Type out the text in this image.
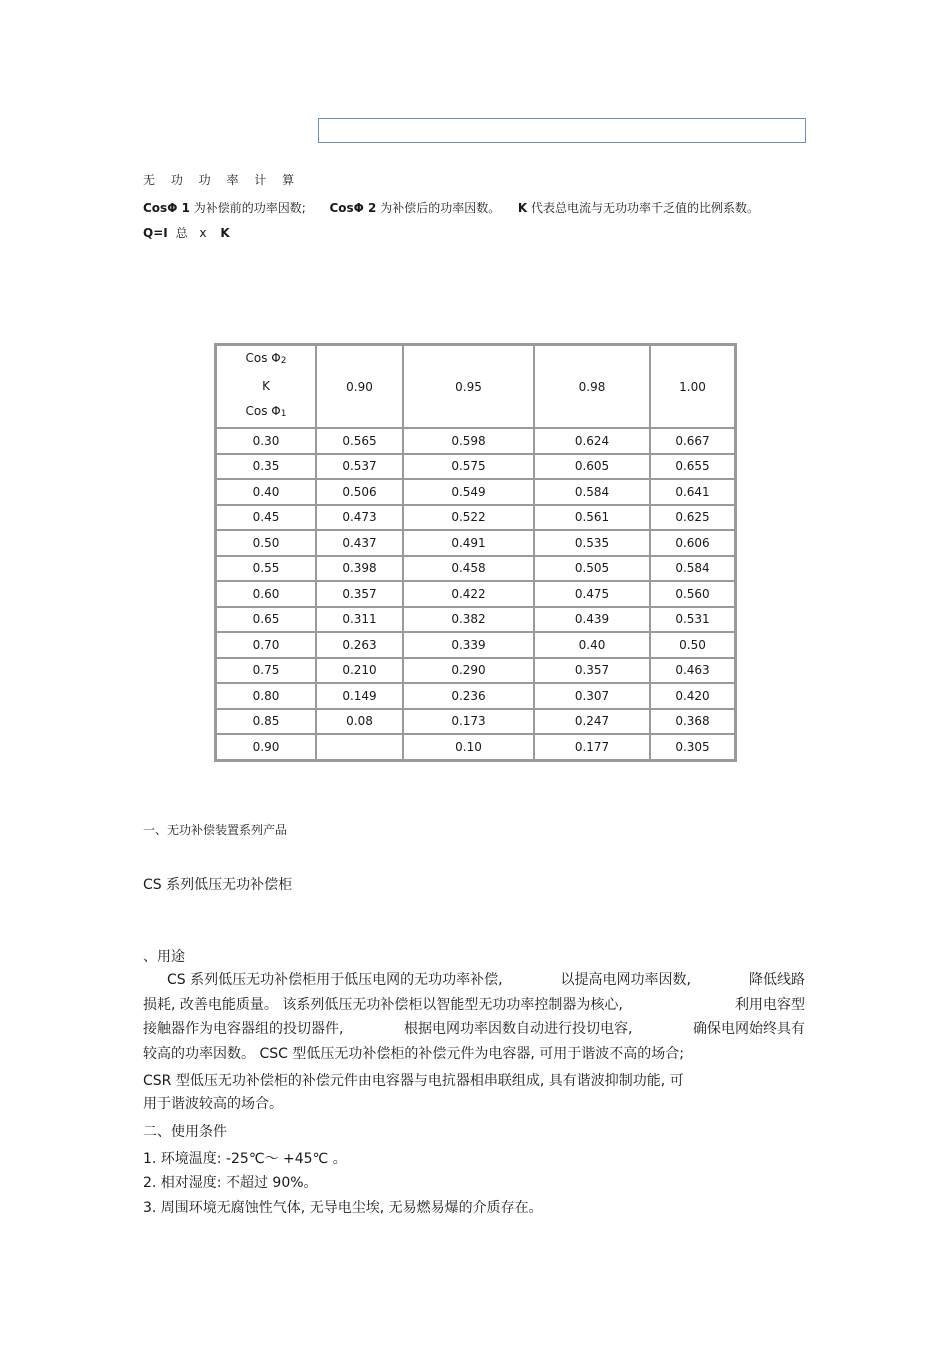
无 功 功 率 计 算
CosΦ 1 为补偿前的功率因数; CosΦ 2 为补偿后的功率因数。 K 代表总电流与无功功率千乏值的比例系数。
Q=I 总 x K
Cos $\Phi_2$
K
Cos $\Phi_1$	0.90	0.95	0.98	1.00
0.30	0.565	0.598	0.624	0.667
0.35	0.537	0.575	0.605	0.655
0.40	0.506	0.549	0.584	0.641
0.45	0.473	0.522	0.561	0.625
0.50	0.437	0.491	0.535	0.606
0.55	0.398	0.458	0.505	0.584
0.60	0.357	0.422	0.475	0.560
0.65	0.311	0.382	0.439	0.531
0.70	0.263	0.339	0.40	0.50
0.75	0.210	0.290	0.357	0.463
0.80	0.149	0.236	0.307	0.420
0.85	0.08	0.173	0.247	0.368
0.90		0.10	0.177	0.305
一、无功补偿装置系列产品
CS 系列低压无功补偿柜
、用途
CS 系列低压无功补偿柜用于低压电网的无功功率补偿,	以提高电网功率因数,	降低线路
损耗, 改善电能质量。 该系列低压无功补偿柜以智能型无功功率控制器为核心,	利用电容型
接触器作为电容器组的投切器件,	根据电网功率因数自动进行投切电容,	确保电网始终具有
较高的功率因数。 CSC 型低压无功补偿柜的补偿元件为电容器, 可用于谐波不高的场合;
CSR 型低压无功补偿柜的补偿元件由电容器与电抗器相串联组成, 具有谐波抑制功能, 可
用于谐波较高的场合。
二、使用条件
1. 环境温度: -25℃～ +45℃ 。
2. 相对湿度: 不超过 90%。
3. 周围环境无腐蚀性气体, 无导电尘埃, 无易燃易爆的介质存在。
